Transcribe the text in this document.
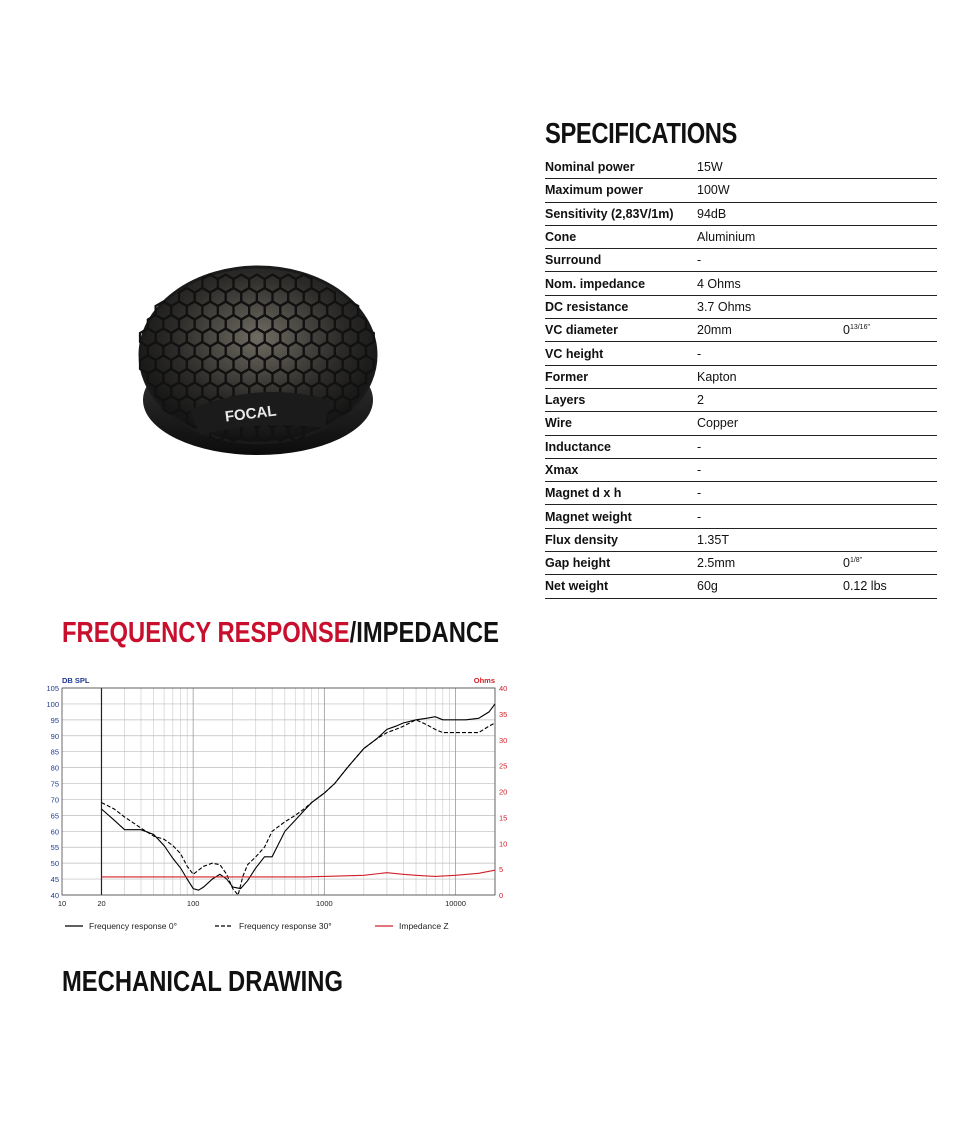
FOCAL
SPECIFICATIONS
Nominal power	15W	
Maximum power	100W	
Sensitivity (2,83V/1m)	94dB	
Cone	Aluminium	
Surround	-	
Nom. impedance	4 Ohms	
DC resistance	3.7 Ohms	
VC diameter	20mm	$0^{13/16"}$
VC height	-	
Former	Kapton	
Layers	2	
Wire	Copper	
Inductance	-	
Xmax	-	
Magnet d x h	-	
Magnet weight	-	
Flux density	1.35T	
Gap height	2.5mm	$0^{1/8"}$
Net weight	60g	0.12 lbs
FREQUENCY RESPONSE/IMPEDANCE
105
100
95
90
85
80
75
70
65
60
55
50
45
40
40
35
30
25
20
15
10
5
0
10	20	100	1000	10000
DB SPL	Ohms
Frequency response 0°	Frequency response 30°	Impedance Z
MECHANICAL DRAWING
